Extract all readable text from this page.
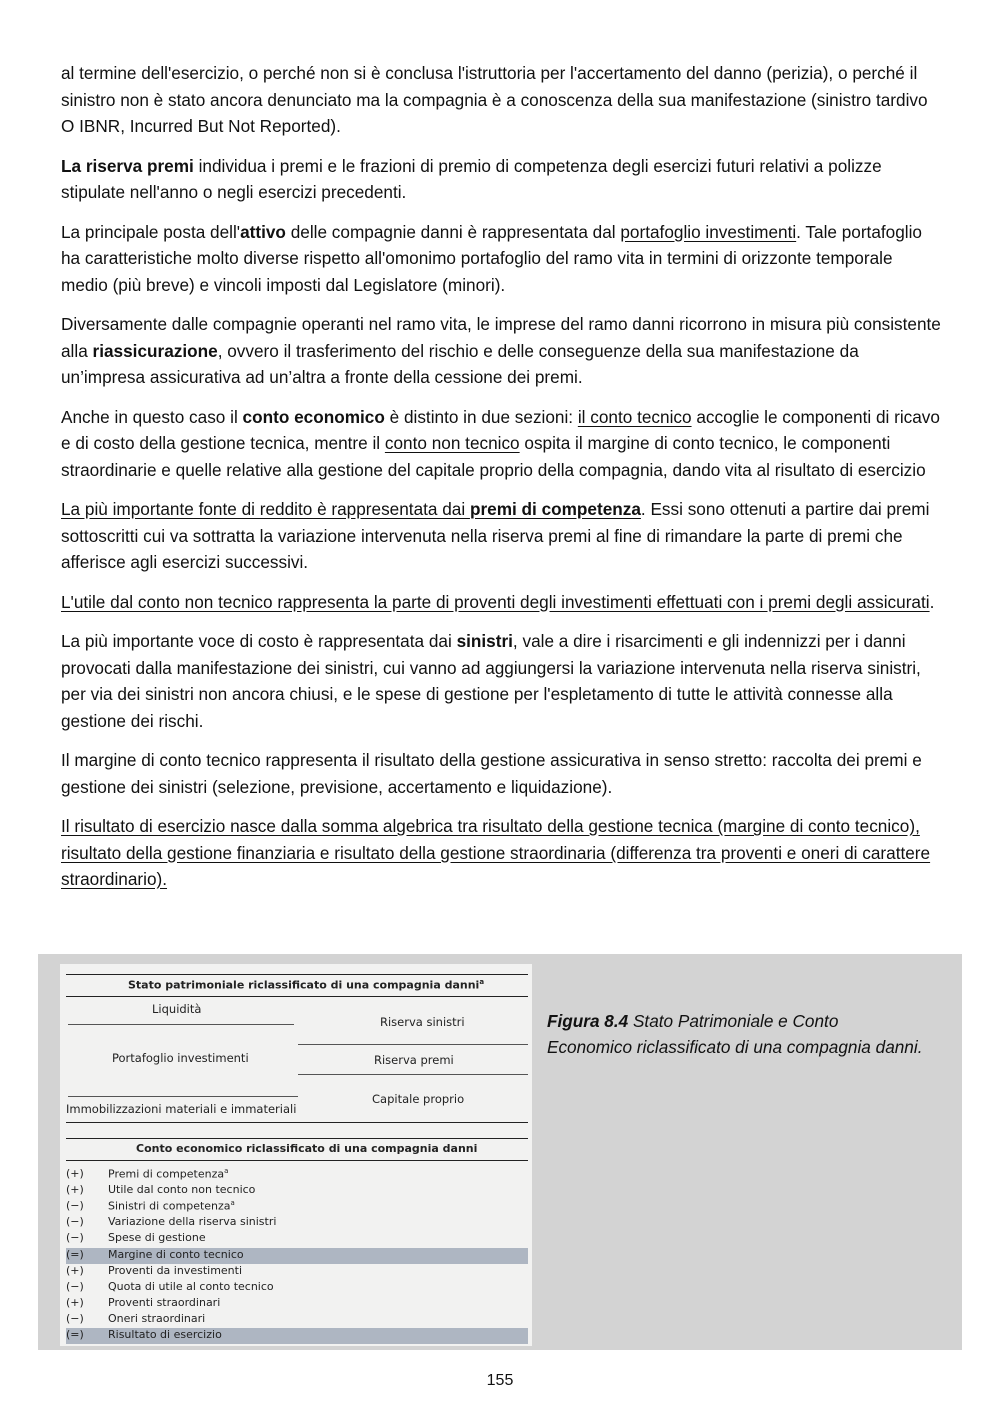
al termine dell'esercizio, o perché non si è conclusa l'istruttoria per l'accertamento del danno (perizia), o perché il sinistro non è stato ancora denunciato ma la compagnia è a conoscenza della sua manifestazione (sinistro tardivo O IBNR, Incurred But Not Reported).

La riserva premi individua i premi e le frazioni di premio di competenza degli esercizi futuri relativi a polizze stipulate nell'anno o negli esercizi precedenti.

La principale posta dell'attivo delle compagnie danni è rappresentata dal portafoglio investimenti. Tale portafoglio ha caratteristiche molto diverse rispetto all'omonimo portafoglio del ramo vita in termini di orizzonte temporale medio (più breve) e vincoli imposti dal Legislatore (minori).

Diversamente dalle compagnie operanti nel ramo vita, le imprese del ramo danni ricorrono in misura più consistente alla riassicurazione, ovvero il trasferimento del rischio e delle conseguenze della sua manifestazione da un’impresa assicurativa ad un’altra a fronte della cessione dei premi.

Anche in questo caso il conto economico è distinto in due sezioni: il conto tecnico accoglie le componenti di ricavo e di costo della gestione tecnica, mentre il conto non tecnico ospita il margine di conto tecnico, le componenti straordinarie e quelle relative alla gestione del capitale proprio della compagnia, dando vita al risultato di esercizio

La più importante fonte di reddito è rappresentata dai premi di competenza. Essi sono ottenuti a partire dai premi sottoscritti cui va sottratta la variazione intervenuta nella riserva premi al fine di rimandare la parte di premi che afferisce agli esercizi successivi.

L'utile dal conto non tecnico rappresenta la parte di proventi degli investimenti effettuati con i premi degli assicurati.

La più importante voce di costo è rappresentata dai sinistri, vale a dire i risarcimenti e gli indennizzi per i danni provocati dalla manifestazione dei sinistri, cui vanno ad aggiungersi la variazione intervenuta nella riserva sinistri, per via dei sinistri non ancora chiusi, e le spese di gestione per l'espletamento di tutte le attività connesse alla gestione dei rischi.

Il margine di conto tecnico rappresenta il risultato della gestione assicurativa in senso stretto: raccolta dei premi e gestione dei sinistri (selezione, previsione, accertamento e liquidazione).

Il risultato di esercizio nasce dalla somma algebrica tra risultato della gestione tecnica (margine di conto tecnico), risultato della gestione finanziaria e risultato della gestione straordinaria (differenza tra proventi e oneri di carattere straordinario).

Stato patrimoniale riclassificato di una compagnia danni$^a$
Liquidità
Portafoglio investimenti
Immobilizzazioni materiali e immateriali
Riserva sinistri
Riserva premi
Capitale proprio
Conto economico riclassificato di una compagnia danni
(+)	Premi di competenza$^a$
(+)	Utile dal conto non tecnico
(−)	Sinistri di competenza$^a$
(−)	Variazione della riserva sinistri
(−)	Spese di gestione
(=)	Margine di conto tecnico
(+)	Proventi da investimenti
(−)	Quota di utile al conto tecnico
(+)	Proventi straordinari
(−)	Oneri straordinari
(=)	Risultato di esercizio
Figura 8.4 Stato Patrimoniale e Conto Economico riclassificato di una compagnia danni.
155
